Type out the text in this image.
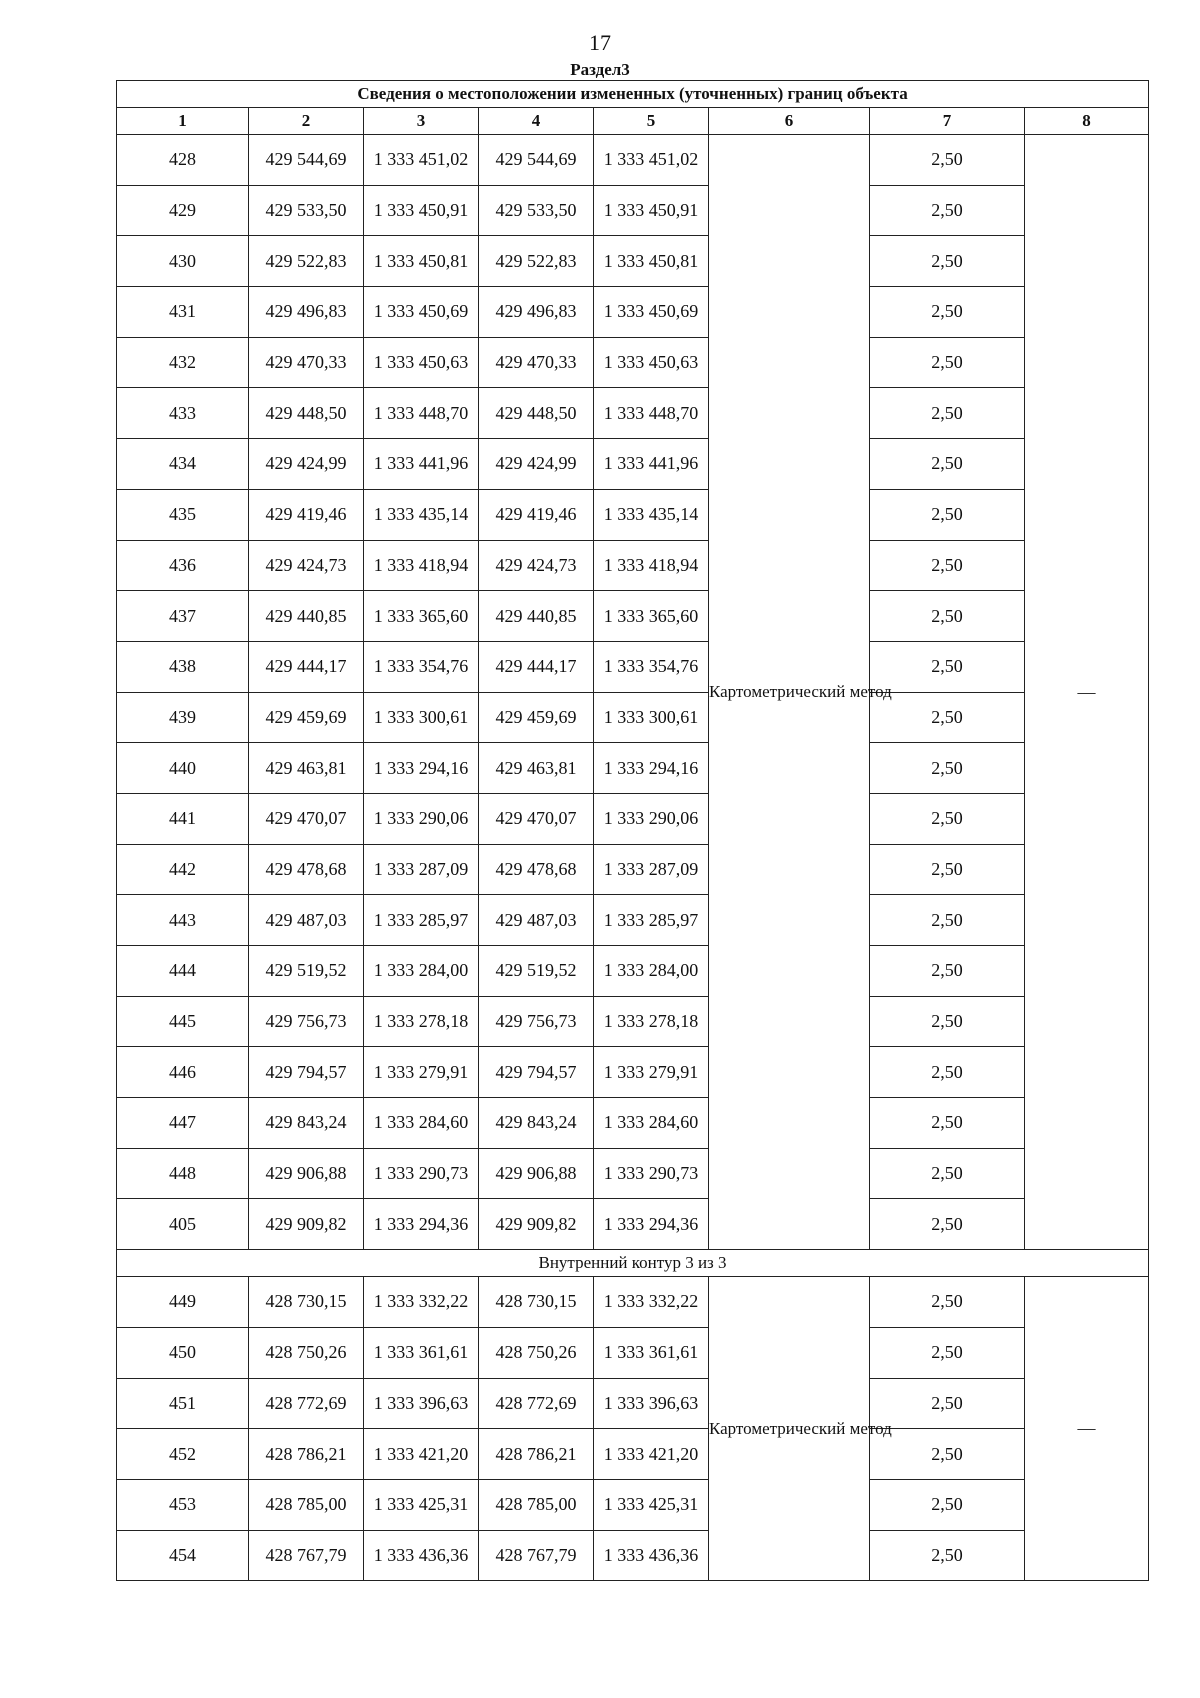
17
Раздел3
Сведения о местоположении измененных (уточненных) границ объекта							
1	2	3	4	5	6	7	8
428	429 544,69	1 333 451,02	429 544,69	1 333 451,02	Картометрический метод	2,50	—
429	429 533,50	1 333 450,91	429 533,50	1 333 450,91		2,50	
430	429 522,83	1 333 450,81	429 522,83	1 333 450,81		2,50	
431	429 496,83	1 333 450,69	429 496,83	1 333 450,69		2,50	
432	429 470,33	1 333 450,63	429 470,33	1 333 450,63		2,50	
433	429 448,50	1 333 448,70	429 448,50	1 333 448,70		2,50	
434	429 424,99	1 333 441,96	429 424,99	1 333 441,96		2,50	
435	429 419,46	1 333 435,14	429 419,46	1 333 435,14		2,50	
436	429 424,73	1 333 418,94	429 424,73	1 333 418,94		2,50	
437	429 440,85	1 333 365,60	429 440,85	1 333 365,60		2,50	
438	429 444,17	1 333 354,76	429 444,17	1 333 354,76		2,50	
439	429 459,69	1 333 300,61	429 459,69	1 333 300,61		2,50	
440	429 463,81	1 333 294,16	429 463,81	1 333 294,16		2,50	
441	429 470,07	1 333 290,06	429 470,07	1 333 290,06		2,50	
442	429 478,68	1 333 287,09	429 478,68	1 333 287,09		2,50	
443	429 487,03	1 333 285,97	429 487,03	1 333 285,97		2,50	
444	429 519,52	1 333 284,00	429 519,52	1 333 284,00		2,50	
445	429 756,73	1 333 278,18	429 756,73	1 333 278,18		2,50	
446	429 794,57	1 333 279,91	429 794,57	1 333 279,91		2,50	
447	429 843,24	1 333 284,60	429 843,24	1 333 284,60		2,50	
448	429 906,88	1 333 290,73	429 906,88	1 333 290,73		2,50	
405	429 909,82	1 333 294,36	429 909,82	1 333 294,36		2,50	
Внутренний контур 3 из 3							
449	428 730,15	1 333 332,22	428 730,15	1 333 332,22	Картометрический метод	2,50	—
450	428 750,26	1 333 361,61	428 750,26	1 333 361,61		2,50	
451	428 772,69	1 333 396,63	428 772,69	1 333 396,63		2,50	
452	428 786,21	1 333 421,20	428 786,21	1 333 421,20		2,50	
453	428 785,00	1 333 425,31	428 785,00	1 333 425,31		2,50	
454	428 767,79	1 333 436,36	428 767,79	1 333 436,36		2,50	
